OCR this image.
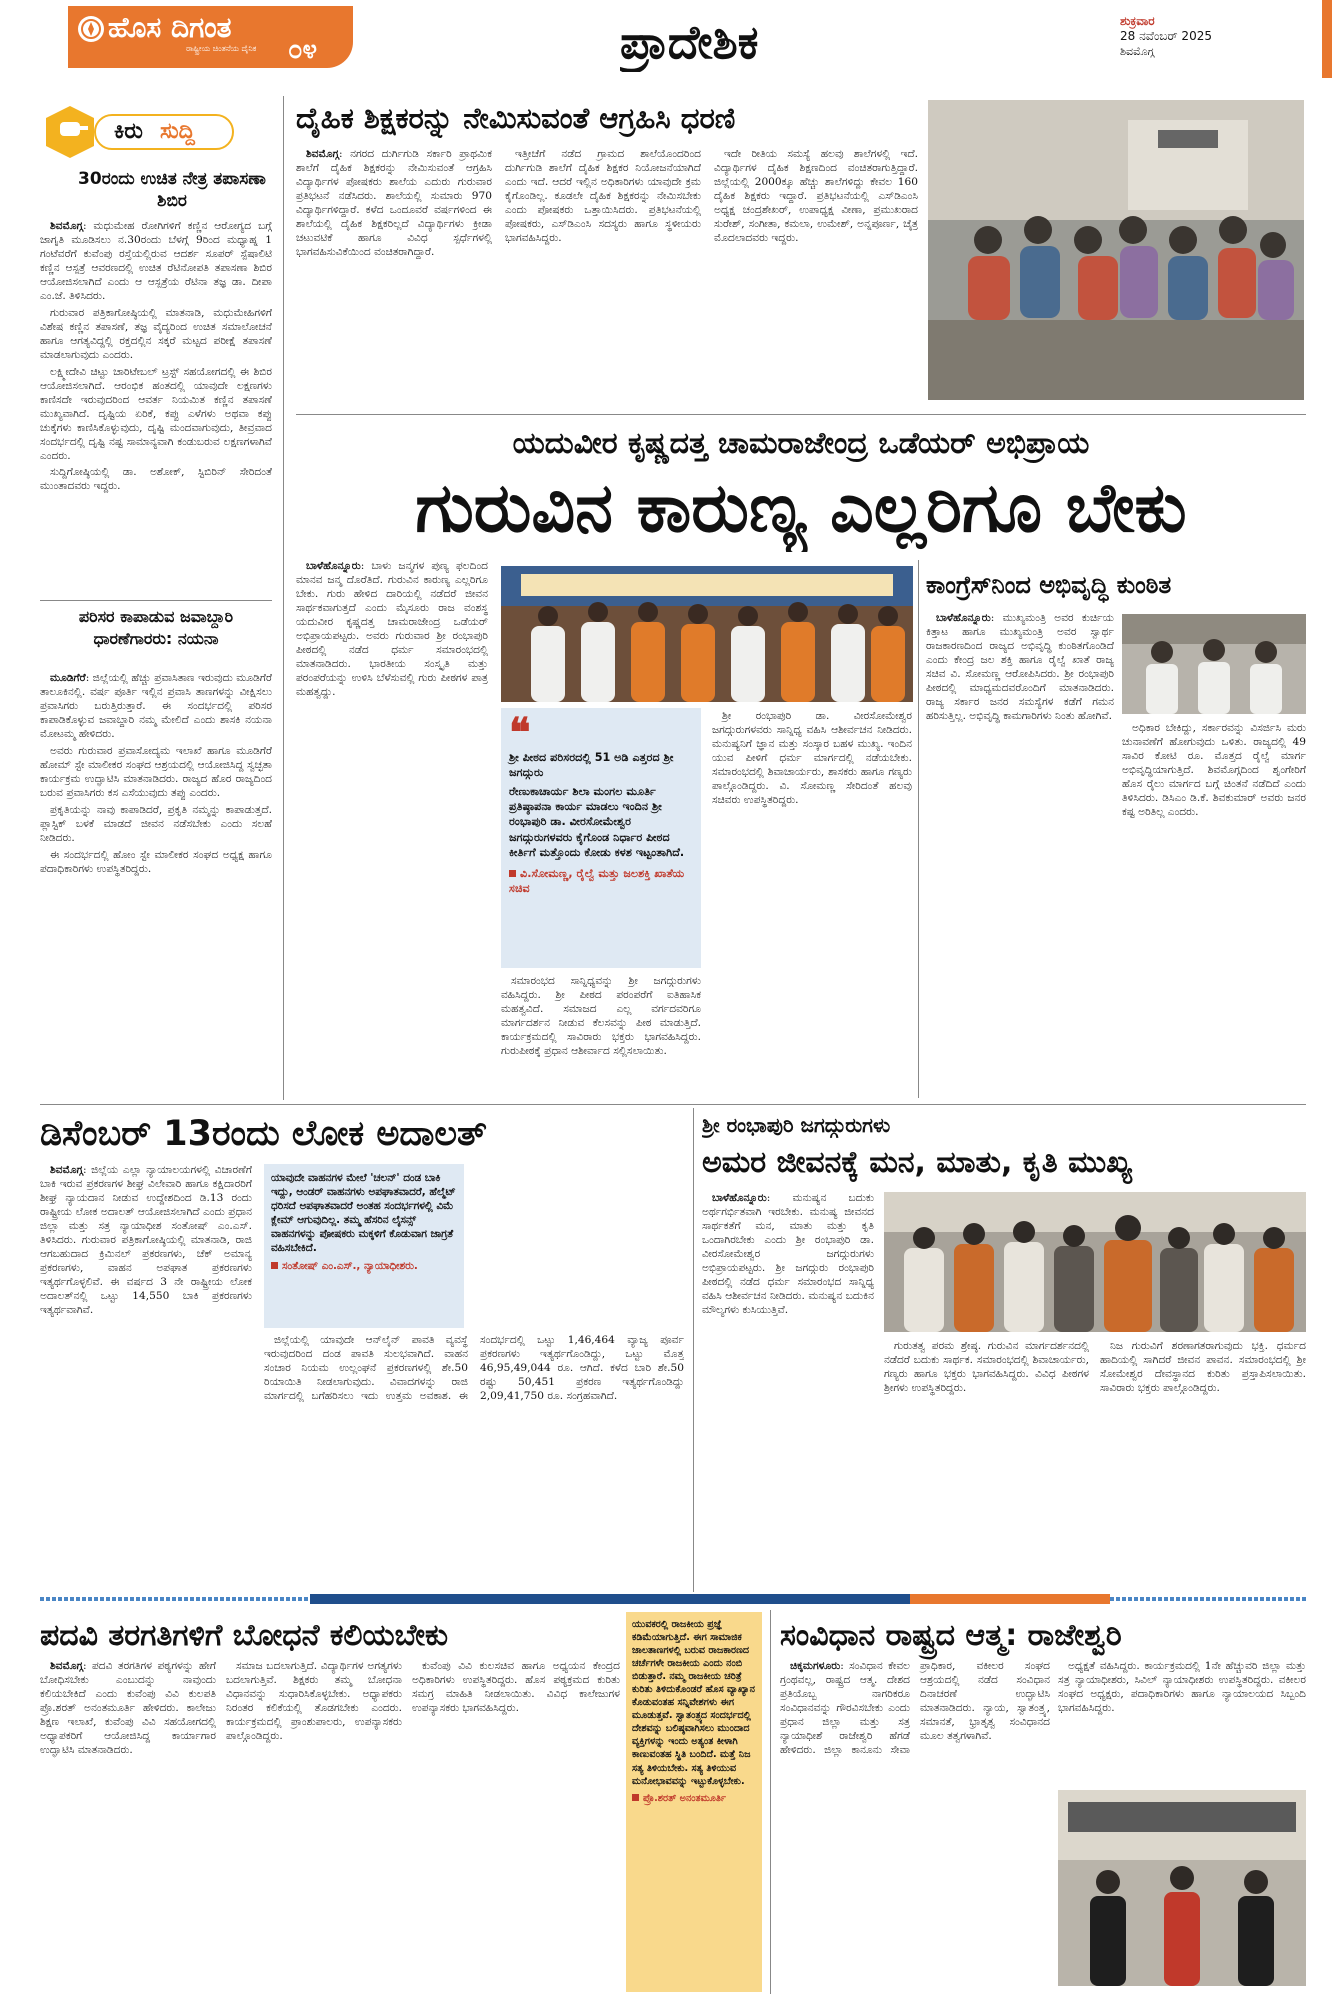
ಹೊಸ ದಿಗಂತ
ರಾಷ್ಟ್ರೀಯ ಚಿಂತನೆಯ ದೈನಿಕ	೦೪	ಪ್ರಾದೇಶಿಕ	ಶುಕ್ರವಾರ
28 ನವೆಂಬರ್ 2025
ಶಿವಮೊಗ್ಗ
ಕಿರು ಸುದ್ದಿ
30ರಂದು ಉಚಿತ ನೇತ್ರ ತಪಾಸಣಾ ಶಿಬಿರ

ಶಿವಮೊಗ್ಗ: ಮಧುಮೇಹ ರೋಗಿಗಳಿಗೆ ಕಣ್ಣಿನ ಆರೋಗ್ಯದ ಬಗ್ಗೆ ಜಾಗೃತಿ ಮೂಡಿಸಲು ನ.30ರಂದು ಬೆಳಗ್ಗೆ 9ರಿಂದ ಮಧ್ಯಾಹ್ನ 1 ಗಂಟೆವರೆಗೆ ಕುವೆಂಪು ರಸ್ತೆಯಲ್ಲಿರುವ ಆದರ್ಶ ಸೂಪರ್ ಸ್ಪೆಷಾಲಿಟಿ ಕಣ್ಣಿನ ಆಸ್ಪತ್ರೆ ಆವರಣದಲ್ಲಿ ಉಚಿತ ರೆಟಿನೋಪತಿ ತಪಾಸಣಾ ಶಿಬಿರ ಆಯೋಜಿಸಲಾಗಿದೆ ಎಂದು ಆ ಆಸ್ಪತ್ರೆಯ ರೆಟಿನಾ ತಜ್ಞ ಡಾ. ದೀಪಾ ಎಂ.ಜೆ. ತಿಳಿಸಿದರು.

ಗುರುವಾರ ಪತ್ರಿಕಾಗೋಷ್ಠಿಯಲ್ಲಿ ಮಾತನಾಡಿ, ಮಧುಮೇಹಿಗಳಿಗೆ ವಿಶೇಷ ಕಣ್ಣಿನ ತಪಾಸಣೆ, ತಜ್ಞ ವೈದ್ಯರಿಂದ ಉಚಿತ ಸಮಾಲೋಚನೆ ಹಾಗೂ ಆಗತ್ಯವಿದ್ದಲ್ಲಿ ರಕ್ತದಲ್ಲಿನ ಸಕ್ಕರೆ ಮಟ್ಟದ ಪರೀಕ್ಷೆ ತಪಾಸಣೆ ಮಾಡಲಾಗುವುದು ಎಂದರು.

ಲಕ್ಷ್ಮೀದೇವಿ ಚಿಟ್ಟು ಚಾರಿಟೇಬಲ್ ಟ್ರಸ್ಟ್ ಸಹಯೋಗದಲ್ಲಿ ಈ ಶಿಬಿರ ಆಯೋಜಿಸಲಾಗಿದೆ. ಆರಂಭಿಕ ಹಂತದಲ್ಲಿ ಯಾವುದೇ ಲಕ್ಷಣಗಳು ಕಾಣಿಸದೇ ಇರುವುದರಿಂದ ಆವರ್ತ ನಿಯಮಿತ ಕಣ್ಣಿನ ತಪಾಸಣೆ ಮುಖ್ಯವಾಗಿದೆ. ದೃಷ್ಟಿಯ ಏರಿಕೆ, ಕಪ್ಪು ಎಳೆಗಳು ಅಥವಾ ಕಪ್ಪು ಚುಕ್ಕೆಗಳು ಕಾಣಿಸಿಕೊಳ್ಳುವುದು, ದೃಷ್ಟಿ ಮಂದವಾಗುವುದು, ತೀವ್ರವಾದ ಸಂದರ್ಭದಲ್ಲಿ ದೃಷ್ಟಿ ನಷ್ಟ ಸಾಮಾನ್ಯವಾಗಿ ಕಂಡುಬರುವ ಲಕ್ಷಣಗಳಾಗಿವೆ ಎಂದರು.

ಸುದ್ದಿಗೋಷ್ಠಿಯಲ್ಲಿ ಡಾ. ಅಶೋಕ್, ಸ್ಟಿಬಿರಿನ್ ಸೇರಿದಂತೆ ಮುಂತಾದವರು ಇದ್ದರು.

ಪರಿಸರ ಕಾಪಾಡುವ ಜವಾಬ್ದಾರಿ ಧಾರಣೆಗಾರರು: ನಯನಾ

ಮೂಡಿಗೆರೆ: ಜಿಲ್ಲೆಯಲ್ಲಿ ಹೆಚ್ಚು ಪ್ರವಾಸಿತಾಣ ಇರುವುದು ಮೂಡಿಗೆರೆ ತಾಲೂಕಿನಲ್ಲಿ. ವರ್ಷ ಪೂರ್ತಿ ಇಲ್ಲಿನ ಪ್ರವಾಸಿ ತಾಣಗಳನ್ನು ವೀಕ್ಷಿಸಲು ಪ್ರವಾಸಿಗರು ಬರುತ್ತಿರುತ್ತಾರೆ. ಈ ಸಂದರ್ಭದಲ್ಲಿ ಪರಿಸರ ಕಾಪಾಡಿಕೊಳ್ಳುವ ಜವಾಬ್ದಾರಿ ನಮ್ಮ ಮೇಲಿದೆ ಎಂದು ಶಾಸಕಿ ನಯನಾ ಮೋಟಮ್ಮ ಹೇಳಿದರು.

ಅವರು ಗುರುವಾರ ಪ್ರವಾಸೋದ್ಯಮ ಇಲಾಖೆ ಹಾಗೂ ಮೂಡಿಗೆರೆ ಹೋಮ್ ಸ್ಟೇ ಮಾಲೀಕರ ಸಂಘದ ಆಶ್ರಯದಲ್ಲಿ ಆಯೋಜಿಸಿದ್ದ ಸ್ವಚ್ಛತಾ ಕಾರ್ಯಕ್ರಮ ಉದ್ಘಾಟಿಸಿ ಮಾತನಾಡಿದರು. ರಾಜ್ಯದ ಹೊರ ರಾಜ್ಯದಿಂದ ಬರುವ ಪ್ರವಾಸಿಗರು ಕಸ ಎಸೆಯುವುದು ತಪ್ಪು ಎಂದರು.

ಪ್ರಕೃತಿಯನ್ನು ನಾವು ಕಾಪಾಡಿದರೆ, ಪ್ರಕೃತಿ ನಮ್ಮನ್ನು ಕಾಪಾಡುತ್ತದೆ. ಪ್ಲಾಸ್ಟಿಕ್ ಬಳಕೆ ಮಾಡದೆ ಜೀವನ ನಡೆಸಬೇಕು ಎಂದು ಸಲಹೆ ನೀಡಿದರು.

ಈ ಸಂದರ್ಭದಲ್ಲಿ ಹೋಂ ಸ್ಟೇ ಮಾಲೀಕರ ಸಂಘದ ಅಧ್ಯಕ್ಷ ಹಾಗೂ ಪದಾಧಿಕಾರಿಗಳು ಉಪಸ್ಥಿತರಿದ್ದರು.

ದೈಹಿಕ ಶಿಕ್ಷಕರನ್ನು ನೇಮಿಸುವಂತೆ ಆಗ್ರಹಿಸಿ ಧರಣಿ

ಶಿವಮೊಗ್ಗ: ನಗರದ ದುರ್ಗಿಗುಡಿ ಸರ್ಕಾರಿ ಪ್ರಾಥಮಿಕ ಶಾಲೆಗೆ ದೈಹಿಕ ಶಿಕ್ಷಕರನ್ನು ನೇಮಿಸುವಂತೆ ಆಗ್ರಹಿಸಿ ವಿದ್ಯಾರ್ಥಿಗಳ ಪೋಷಕರು ಶಾಲೆಯ ಎದುರು ಗುರುವಾರ ಪ್ರತಿಭಟನೆ ನಡೆಸಿದರು. ಶಾಲೆಯಲ್ಲಿ ಸುಮಾರು 970 ವಿದ್ಯಾರ್ಥಿಗಳಿದ್ದಾರೆ. ಕಳೆದ ಒಂದೂವರೆ ವರ್ಷಗಳಿಂದ ಈ ಶಾಲೆಯಲ್ಲಿ ದೈಹಿಕ ಶಿಕ್ಷಕರಿಲ್ಲದೆ ವಿದ್ಯಾರ್ಥಿಗಳು ಕ್ರೀಡಾ ಚಟುವಟಿಕೆ ಹಾಗೂ ವಿವಿಧ ಸ್ಪರ್ಧೆಗಳಲ್ಲಿ ಭಾಗವಹಿಸುವಿಕೆಯಿಂದ ವಂಚಿತರಾಗಿದ್ದಾರೆ.

ಇತ್ತೀಚೆಗೆ ನಡೆದ ಗ್ರಾಮದ ಶಾಲೆಯೊಂದರಿಂದ ದುರ್ಗಿಗುಡಿ ಶಾಲೆಗೆ ದೈಹಿಕ ಶಿಕ್ಷಕರ ನಿಯೋಜನೆಯಾಗಿದೆ ಎಂದು ಇದೆ. ಆದರೆ ಇಲ್ಲಿನ ಅಧಿಕಾರಿಗಳು ಯಾವುದೇ ಕ್ರಮ ಕೈಗೊಂಡಿಲ್ಲ. ಕೂಡಲೇ ದೈಹಿಕ ಶಿಕ್ಷಕರನ್ನು ನೇಮಿಸಬೇಕು ಎಂದು ಪೋಷಕರು ಒತ್ತಾಯಿಸಿದರು. ಪ್ರತಿಭಟನೆಯಲ್ಲಿ ಪೋಷಕರು, ಎಸ್‌ಡಿಎಂಸಿ ಸದಸ್ಯರು ಹಾಗೂ ಸ್ಥಳೀಯರು ಭಾಗವಹಿಸಿದ್ದರು.

ಇದೇ ರೀತಿಯ ಸಮಸ್ಯೆ ಹಲವು ಶಾಲೆಗಳಲ್ಲಿ ಇದೆ. ವಿದ್ಯಾರ್ಥಿಗಳ ದೈಹಿಕ ಶಿಕ್ಷಣದಿಂದ ವಂಚಿತರಾಗುತ್ತಿದ್ದಾರೆ. ಜಿಲ್ಲೆಯಲ್ಲಿ 2000ಕ್ಕೂ ಹೆಚ್ಚು ಶಾಲೆಗಳಿದ್ದು ಕೇವಲ 160 ದೈಹಿಕ ಶಿಕ್ಷಕರು ಇದ್ದಾರೆ. ಪ್ರತಿಭಟನೆಯಲ್ಲಿ ಎಸ್‌ಡಿಎಂಸಿ ಅಧ್ಯಕ್ಷ ಚಂದ್ರಶೇಖರ್, ಉಪಾಧ್ಯಕ್ಷ ವೀಣಾ, ಪ್ರಮುಖರಾದ ಸುರೇಶ್, ಸಂಗೀತಾ, ಕಮಲಾ, ಉಮೇಶ್, ಅನ್ನಪೂರ್ಣ, ಚೈತ್ರ ಮೊದಲಾದವರು ಇದ್ದರು.

ಯದುವೀರ ಕೃಷ್ಣದತ್ತ ಚಾಮರಾಜೇಂದ್ರ ಒಡೆಯರ್ ಅಭಿಪ್ರಾಯ
ಗುರುವಿನ ಕಾರುಣ್ಯ ಎಲ್ಲರಿಗೂ ಬೇಕು

ಬಾಳೆಹೊನ್ನೂರು: ಬಾಳು ಜನ್ಮಗಳ ಪುಣ್ಯ ಫಲದಿಂದ ಮಾನವ ಜನ್ಮ ದೊರೆತಿದೆ. ಗುರುವಿನ ಕಾರುಣ್ಯ ಎಲ್ಲರಿಗೂ ಬೇಕು. ಗುರು ಹೇಳಿದ ದಾರಿಯಲ್ಲಿ ನಡೆದರೆ ಜೀವನ ಸಾರ್ಥಕವಾಗುತ್ತದೆ ಎಂದು ಮೈಸೂರು ರಾಜ ವಂಶಸ್ಥ ಯದುವೀರ ಕೃಷ್ಣದತ್ತ ಚಾಮರಾಜೇಂದ್ರ ಒಡೆಯರ್ ಅಭಿಪ್ರಾಯಪಟ್ಟರು. ಅವರು ಗುರುವಾರ ಶ್ರೀ ರಂಭಾಪುರಿ ಪೀಠದಲ್ಲಿ ನಡೆದ ಧರ್ಮ ಸಮಾರಂಭದಲ್ಲಿ ಮಾತನಾಡಿದರು. ಭಾರತೀಯ ಸಂಸ್ಕೃತಿ ಮತ್ತು ಪರಂಪರೆಯನ್ನು ಉಳಿಸಿ ಬೆಳೆಸುವಲ್ಲಿ ಗುರು ಪೀಠಗಳ ಪಾತ್ರ ಮಹತ್ವದ್ದು.

❝
ಶ್ರೀ ಪೀಠದ ಪರಿಸರದಲ್ಲಿ 51 ಅಡಿ ಎತ್ತರದ ಶ್ರೀ ಜಗದ್ಗುರು
ರೇಣುಕಾಚಾರ್ಯ ಶಿಲಾ ಮಂಗಲ ಮೂರ್ತಿ ಪ್ರತಿಷ್ಠಾಪನಾ ಕಾರ್ಯ ಮಾಡಲು ಇಂದಿನ ಶ್ರೀ ರಂಭಾಪುರಿ ಡಾ. ವೀರಸೋಮೇಶ್ವರ ಜಗದ್ಗುರುಗಳವರು ಕೈಗೊಂಡ ನಿರ್ಧಾರ ಪೀಠದ ಕೀರ್ತಿಗೆ ಮತ್ತೊಂದು ಕೋಡು ಕಳಶ ಇಟ್ಟಂತಾಗಿದೆ.
ವಿ.ಸೋಮಣ್ಣ, ರೈಲ್ವೆ ಮತ್ತು ಜಲಶಕ್ತಿ ಖಾತೆಯ ಸಚಿವ

ಶ್ರೀ ರಂಭಾಪುರಿ ಡಾ. ವೀರಸೋಮೇಶ್ವರ ಜಗದ್ಗುರುಗಳವರು ಸಾನ್ನಿಧ್ಯ ವಹಿಸಿ ಆಶೀರ್ವಚನ ನೀಡಿದರು. ಮನುಷ್ಯನಿಗೆ ಜ್ಞಾನ ಮತ್ತು ಸಂಸ್ಕಾರ ಬಹಳ ಮುಖ್ಯ. ಇಂದಿನ ಯುವ ಪೀಳಿಗೆ ಧರ್ಮ ಮಾರ್ಗದಲ್ಲಿ ನಡೆಯಬೇಕು. ಸಮಾರಂಭದಲ್ಲಿ ಶಿವಾಚಾರ್ಯರು, ಶಾಸಕರು ಹಾಗೂ ಗಣ್ಯರು ಪಾಲ್ಗೊಂಡಿದ್ದರು. ವಿ. ಸೋಮಣ್ಣ ಸೇರಿದಂತೆ ಹಲವು ಸಚಿವರು ಉಪಸ್ಥಿತರಿದ್ದರು.

ಸಮಾರಂಭದ ಸಾನ್ನಿಧ್ಯವನ್ನು ಶ್ರೀ ಜಗದ್ಗುರುಗಳು ವಹಿಸಿದ್ದರು. ಶ್ರೀ ಪೀಠದ ಪರಂಪರೆಗೆ ಐತಿಹಾಸಿಕ ಮಹತ್ವವಿದೆ. ಸಮಾಜದ ಎಲ್ಲ ವರ್ಗದವರಿಗೂ ಮಾರ್ಗದರ್ಶನ ನೀಡುವ ಕೆಲಸವನ್ನು ಪೀಠ ಮಾಡುತ್ತಿದೆ. ಕಾರ್ಯಕ್ರಮದಲ್ಲಿ ಸಾವಿರಾರು ಭಕ್ತರು ಭಾಗವಹಿಸಿದ್ದರು. ಗುರುಪೀಠಕ್ಕೆ ಪ್ರಧಾನ ಆಶೀರ್ವಾದ ಸಲ್ಲಿಸಲಾಯಿತು.

ಕಾಂಗ್ರೆಸ್‌ನಿಂದ ಅಭಿವೃದ್ಧಿ ಕುಂಠಿತ

ಬಾಳೆಹೊನ್ನೂರು: ಮುಖ್ಯಮಂತ್ರಿ ಅವರ ಕುರ್ಚಿಯ ಕಿತ್ತಾಟ ಹಾಗೂ ಮುಖ್ಯಮಂತ್ರಿ ಅವರ ಸ್ವಾರ್ಥ ರಾಜಕಾರಣದಿಂದ ರಾಜ್ಯದ ಅಭಿವೃದ್ಧಿ ಕುಂಠಿತಗೊಂಡಿದೆ ಎಂದು ಕೇಂದ್ರ ಜಲ ಶಕ್ತಿ ಹಾಗೂ ರೈಲ್ವೆ ಖಾತೆ ರಾಜ್ಯ ಸಚಿವ ವಿ. ಸೋಮಣ್ಣ ಆರೋಪಿಸಿದರು. ಶ್ರೀ ರಂಭಾಪುರಿ ಪೀಠದಲ್ಲಿ ಮಾಧ್ಯಮದವರೊಂದಿಗೆ ಮಾತನಾಡಿದರು. ರಾಜ್ಯ ಸರ್ಕಾರ ಜನರ ಸಮಸ್ಯೆಗಳ ಕಡೆಗೆ ಗಮನ ಹರಿಸುತ್ತಿಲ್ಲ. ಅಭಿವೃದ್ಧಿ ಕಾಮಗಾರಿಗಳು ನಿಂತು ಹೋಗಿವೆ.

ಅಧಿಕಾರ ಬೇಕಿದ್ದು, ಸರ್ಕಾರವನ್ನು ವಿಸರ್ಜಿಸಿ ಮರು ಚುನಾವಣೆಗೆ ಹೋಗುವುದು ಒಳಿತು. ರಾಜ್ಯದಲ್ಲಿ 49 ಸಾವಿರ ಕೋಟಿ ರೂ. ಮೊತ್ತದ ರೈಲ್ವೆ ಮಾರ್ಗ ಅಭಿವೃದ್ಧಿಯಾಗುತ್ತಿದೆ. ಶಿವಮೊಗ್ಗದಿಂದ ಶೃಂಗೇರಿಗೆ ಹೊಸ ರೈಲು ಮಾರ್ಗದ ಬಗ್ಗೆ ಚಿಂತನೆ ನಡೆದಿದೆ ಎಂದು ತಿಳಿಸಿದರು. ಡಿಸಿಎಂ ಡಿ.ಕೆ. ಶಿವಕುಮಾರ್ ಅವರು ಜನರ ಕಷ್ಟ ಅರಿತಿಲ್ಲ ಎಂದರು.

ಡಿಸೆಂಬರ್ 13ರಂದು ಲೋಕ ಅದಾಲತ್

ಶಿವಮೊಗ್ಗ: ಜಿಲ್ಲೆಯ ಎಲ್ಲಾ ನ್ಯಾಯಾಲಯಗಳಲ್ಲಿ ವಿಚಾರಣೆಗೆ ಬಾಕಿ ಇರುವ ಪ್ರಕರಣಗಳ ಶೀಘ್ರ ವಿಲೇವಾರಿ ಹಾಗೂ ಕಕ್ಷಿದಾರರಿಗೆ ಶೀಘ್ರ ನ್ಯಾಯದಾನ ನೀಡುವ ಉದ್ದೇಶದಿಂದ ಡಿ.13 ರಂದು ರಾಷ್ಟ್ರೀಯ ಲೋಕ ಅದಾಲತ್ ಆಯೋಜಿಸಲಾಗಿದೆ ಎಂದು ಪ್ರಧಾನ ಜಿಲ್ಲಾ ಮತ್ತು ಸತ್ರ ನ್ಯಾಯಾಧೀಶ ಸಂತೋಷ್ ಎಂ.ಎಸ್. ತಿಳಿಸಿದರು. ಗುರುವಾರ ಪತ್ರಿಕಾಗೋಷ್ಠಿಯಲ್ಲಿ ಮಾತನಾಡಿ, ರಾಜಿ ಆಗಬಹುದಾದ ಕ್ರಿಮಿನಲ್ ಪ್ರಕರಣಗಳು, ಚೆಕ್ ಅಮಾನ್ಯ ಪ್ರಕರಣಗಳು, ವಾಹನ ಅಪಘಾತ ಪ್ರಕರಣಗಳು ಇತ್ಯರ್ಥಗೊಳ್ಳಲಿವೆ. ಈ ವರ್ಷದ 3 ನೇ ರಾಷ್ಟ್ರೀಯ ಲೋಕ ಅದಾಲತ್‌ನಲ್ಲಿ ಒಟ್ಟು 14,550 ಬಾಕಿ ಪ್ರಕರಣಗಳು ಇತ್ಯರ್ಥವಾಗಿವೆ.

ಯಾವುದೇ ವಾಹನಗಳ ಮೇಲೆ 'ಚಲನ್' ದಂಡ ಬಾಕಿ ಇದ್ದು, ಆಂಡರ್ ವಾಹನಗಳು ಅಪಘಾತವಾದರೆ, ಹೆಲ್ಮೆಟ್ ಧರಿಸದೆ ಅಪಘಾತವಾದರೆ ಅಂತಹ ಸಂದರ್ಭಗಳಲ್ಲಿ ವಿಮೆ ಕ್ಲೇಮ್ ಆಗುವುದಿಲ್ಲ. ತಮ್ಮ ಹೆಸರಿನ ಲೈಸನ್ಸ್ ವಾಹನಗಳನ್ನು ಪೋಷಕರು ಮಕ್ಕಳಿಗೆ ಕೊಡುವಾಗ ಜಾಗ್ರತೆ ವಹಿಸಬೇಕಿದೆ.
ಸಂತೋಷ್ ಎಂ.ಎಸ್., ನ್ಯಾಯಾಧೀಶರು.

ಜಿಲ್ಲೆಯಲ್ಲಿ ಯಾವುದೇ ಆನ್‌ಲೈನ್ ಪಾವತಿ ವ್ಯವಸ್ಥೆ ಇರುವುದರಿಂದ ದಂಡ ಪಾವತಿ ಸುಲಭವಾಗಿದೆ. ವಾಹನ ಸಂಚಾರ ನಿಯಮ ಉಲ್ಲಂಘನೆ ಪ್ರಕರಣಗಳಲ್ಲಿ ಶೇ.50 ರಿಯಾಯಿತಿ ನೀಡಲಾಗುವುದು. ವಿವಾದಗಳನ್ನು ರಾಜಿ ಮಾರ್ಗದಲ್ಲಿ ಬಗೆಹರಿಸಲು ಇದು ಉತ್ತಮ ಅವಕಾಶ. ಈ ಸಂದರ್ಭದಲ್ಲಿ ಒಟ್ಟು 1,46,464 ವ್ಯಾಜ್ಯ ಪೂರ್ವ ಪ್ರಕರಣಗಳು ಇತ್ಯರ್ಥಗೊಂಡಿದ್ದು, ಒಟ್ಟು ಮೊತ್ತ 46,95,49,044 ರೂ. ಆಗಿದೆ. ಕಳೆದ ಬಾರಿ ಶೇ.50 ರಷ್ಟು 50,451 ಪ್ರಕರಣ ಇತ್ಯರ್ಥಗೊಂಡಿದ್ದು 2,09,41,750 ರೂ. ಸಂಗ್ರಹವಾಗಿದೆ.

ಶ್ರೀ ರಂಭಾಪುರಿ ಜಗದ್ಗುರುಗಳು
ಅಮರ ಜೀವನಕ್ಕೆ ಮನ, ಮಾತು, ಕೃತಿ ಮುಖ್ಯ

ಬಾಳೆಹೊನ್ನೂರು: ಮನುಷ್ಯನ ಬದುಕು ಅರ್ಥಗರ್ಭಿತವಾಗಿ ಇರಬೇಕು. ಮನುಷ್ಯ ಜೀವನದ ಸಾರ್ಥಕತೆಗೆ ಮನ, ಮಾತು ಮತ್ತು ಕೃತಿ ಒಂದಾಗಿರಬೇಕು ಎಂದು ಶ್ರೀ ರಂಭಾಪುರಿ ಡಾ. ವೀರಸೋಮೇಶ್ವರ ಜಗದ್ಗುರುಗಳು ಅಭಿಪ್ರಾಯಪಟ್ಟರು. ಶ್ರೀ ಜಗದ್ಗುರು ರಂಭಾಪುರಿ ಪೀಠದಲ್ಲಿ ನಡೆದ ಧರ್ಮ ಸಮಾರಂಭದ ಸಾನ್ನಿಧ್ಯ ವಹಿಸಿ ಆಶೀರ್ವಚನ ನೀಡಿದರು. ಮನುಷ್ಯನ ಬದುಕಿನ ಮೌಲ್ಯಗಳು ಕುಸಿಯುತ್ತಿವೆ.

ಗುರುತತ್ವ ಪರಮ ಶ್ರೇಷ್ಠ. ಗುರುವಿನ ಮಾರ್ಗದರ್ಶನದಲ್ಲಿ ನಡೆದರೆ ಬದುಕು ಸಾರ್ಥಕ. ಸಮಾರಂಭದಲ್ಲಿ ಶಿವಾಚಾರ್ಯರು, ಗಣ್ಯರು ಹಾಗೂ ಭಕ್ತರು ಭಾಗವಹಿಸಿದ್ದರು. ವಿವಿಧ ಪೀಠಗಳ ಶ್ರೀಗಳು ಉಪಸ್ಥಿತರಿದ್ದರು.

ನಿಜ ಗುರುವಿಗೆ ಶರಣಾಗತರಾಗುವುದು ಭಕ್ತಿ. ಧರ್ಮದ ಹಾದಿಯಲ್ಲಿ ಸಾಗಿದರೆ ಜೀವನ ಪಾವನ. ಸಮಾರಂಭದಲ್ಲಿ ಶ್ರೀ ಸೋಮೇಶ್ವರ ದೇವಸ್ಥಾನದ ಕುರಿತು ಪ್ರಸ್ತಾಪಿಸಲಾಯಿತು. ಸಾವಿರಾರು ಭಕ್ತರು ಪಾಲ್ಗೊಂಡಿದ್ದರು.

ಪದವಿ ತರಗತಿಗಳಿಗೆ ಬೋಧನೆ ಕಲಿಯಬೇಕು

ಶಿವಮೊಗ್ಗ: ಪದವಿ ತರಗತಿಗಳ ಪಠ್ಯಗಳನ್ನು ಹೇಗೆ ಬೋಧಿಸಬೇಕು ಎಂಬುದನ್ನು ನಾವುಂದು ಕಲಿಯಬೇಕಿದೆ ಎಂದು ಕುವೆಂಪು ವಿವಿ ಕುಲಪತಿ ಪ್ರೊ.ಶರತ್ ಅನಂತಮೂರ್ತಿ ಹೇಳಿದರು. ಕಾಲೇಜು ಶಿಕ್ಷಣ ಇಲಾಖೆ, ಕುವೆಂಪು ವಿವಿ ಸಹಯೋಗದಲ್ಲಿ ಅಧ್ಯಾಪಕರಿಗೆ ಆಯೋಜಿಸಿದ್ದ ಕಾರ್ಯಾಗಾರ ಉದ್ಘಾಟಿಸಿ ಮಾತನಾಡಿದರು.

ಸಮಾಜ ಬದಲಾಗುತ್ತಿದೆ. ವಿದ್ಯಾರ್ಥಿಗಳ ಅಗತ್ಯಗಳು ಬದಲಾಗುತ್ತಿವೆ. ಶಿಕ್ಷಕರು ತಮ್ಮ ಬೋಧನಾ ವಿಧಾನವನ್ನು ಸುಧಾರಿಸಿಕೊಳ್ಳಬೇಕು. ಅಧ್ಯಾಪಕರು ನಿರಂತರ ಕಲಿಕೆಯಲ್ಲಿ ತೊಡಗಬೇಕು ಎಂದರು. ಕಾರ್ಯಕ್ರಮದಲ್ಲಿ ಪ್ರಾಂಶುಪಾಲರು, ಉಪನ್ಯಾಸಕರು ಪಾಲ್ಗೊಂಡಿದ್ದರು.

ಕುವೆಂಪು ವಿವಿ ಕುಲಸಚಿವ ಹಾಗೂ ಅಧ್ಯಯನ ಕೇಂದ್ರದ ಅಧಿಕಾರಿಗಳು ಉಪಸ್ಥಿತರಿದ್ದರು. ಹೊಸ ಪಠ್ಯಕ್ರಮದ ಕುರಿತು ಸಮಗ್ರ ಮಾಹಿತಿ ನೀಡಲಾಯಿತು. ವಿವಿಧ ಕಾಲೇಜುಗಳ ಉಪನ್ಯಾಸಕರು ಭಾಗವಹಿಸಿದ್ದರು.

ಯುವಕರಲ್ಲಿ ರಾಜಕೀಯ ಪ್ರಜ್ಞೆ ಕಡಿಮೆಯಾಗುತ್ತಿದೆ. ಈಗ ಸಾಮಾಜಿಕ ಜಾಲತಾಣಗಳಲ್ಲಿ ಬರುವ ರಾಜಕಾರಣದ ಚರ್ಚೆಗಳೇ ರಾಜಕೀಯ ಎಂದು ನಂಬಿ ಬಿಡುತ್ತಾರೆ. ನಮ್ಮ ರಾಜಕೀಯ ಚರಿತ್ರೆ ಕುರಿತು ತಿಳಿದುಕೊಂಡರೆ ಹೊಸ ವ್ಯಾಖ್ಯಾನ ಕೊಡುವಂತಹ ಸನ್ನಿವೇಶಗಳು ಈಗ ಮೂಡುತ್ತವೆ. ಸ್ವಾತಂತ್ರ್ಯದ ಸಂದರ್ಭದಲ್ಲಿ ದೇಶವನ್ನು ಬಲಿಷ್ಠವಾಗಿಸಲು ಮುಂದಾದ ವ್ಯಕ್ತಿಗಳನ್ನು ಇಂದು ಅತ್ಯಂತ ಕೀಳಾಗಿ ಕಾಣುವಂತಹ ಸ್ಥಿತಿ ಬಂದಿದೆ. ಮತ್ತೆ ನಿಜ ಸತ್ಯ ತಿಳಿಯಬೇಕು. ಸತ್ಯ ತಿಳಿಯುವ ಮನೋಭಾವವನ್ನು ಇಟ್ಟುಕೊಳ್ಳಬೇಕು.
ಪ್ರೊ.ಶರತ್ ಅನಂತಮೂರ್ತಿ
ಸಂವಿಧಾನ ರಾಷ್ಟ್ರದ ಆತ್ಮ: ರಾಜೇಶ್ವರಿ

ಚಿಕ್ಕಮಗಳೂರು: ಸಂವಿಧಾನ ಕೇವಲ ಗ್ರಂಥವಲ್ಲ, ರಾಷ್ಟ್ರದ ಆತ್ಮ. ದೇಶದ ಪ್ರತಿಯೊಬ್ಬ ನಾಗರಿಕರೂ ಸಂವಿಧಾನವನ್ನು ಗೌರವಿಸಬೇಕು ಎಂದು ಪ್ರಧಾನ ಜಿಲ್ಲಾ ಮತ್ತು ಸತ್ರ ನ್ಯಾಯಾಧೀಶೆ ರಾಜೇಶ್ವರಿ ಹೆಗಡೆ ಹೇಳಿದರು. ಜಿಲ್ಲಾ ಕಾನೂನು ಸೇವಾ ಪ್ರಾಧಿಕಾರ, ವಕೀಲರ ಸಂಘದ ಆಶ್ರಯದಲ್ಲಿ ನಡೆದ ಸಂವಿಧಾನ ದಿನಾಚರಣೆ ಉದ್ಘಾಟಿಸಿ ಮಾತನಾಡಿದರು. ನ್ಯಾಯ, ಸ್ವಾತಂತ್ರ್ಯ, ಸಮಾನತೆ, ಭ್ರಾತೃತ್ವ ಸಂವಿಧಾನದ ಮೂಲ ತತ್ವಗಳಾಗಿವೆ.

ಅಧ್ಯಕ್ಷತೆ ವಹಿಸಿದ್ದರು. ಕಾರ್ಯಕ್ರಮದಲ್ಲಿ 1ನೇ ಹೆಚ್ಚುವರಿ ಜಿಲ್ಲಾ ಮತ್ತು ಸತ್ರ ನ್ಯಾಯಾಧೀಶರು, ಸಿವಿಲ್ ನ್ಯಾಯಾಧೀಶರು ಉಪಸ್ಥಿತರಿದ್ದರು. ವಕೀಲರ ಸಂಘದ ಅಧ್ಯಕ್ಷರು, ಪದಾಧಿಕಾರಿಗಳು ಹಾಗೂ ನ್ಯಾಯಾಲಯದ ಸಿಬ್ಬಂದಿ ಭಾಗವಹಿಸಿದ್ದರು.
